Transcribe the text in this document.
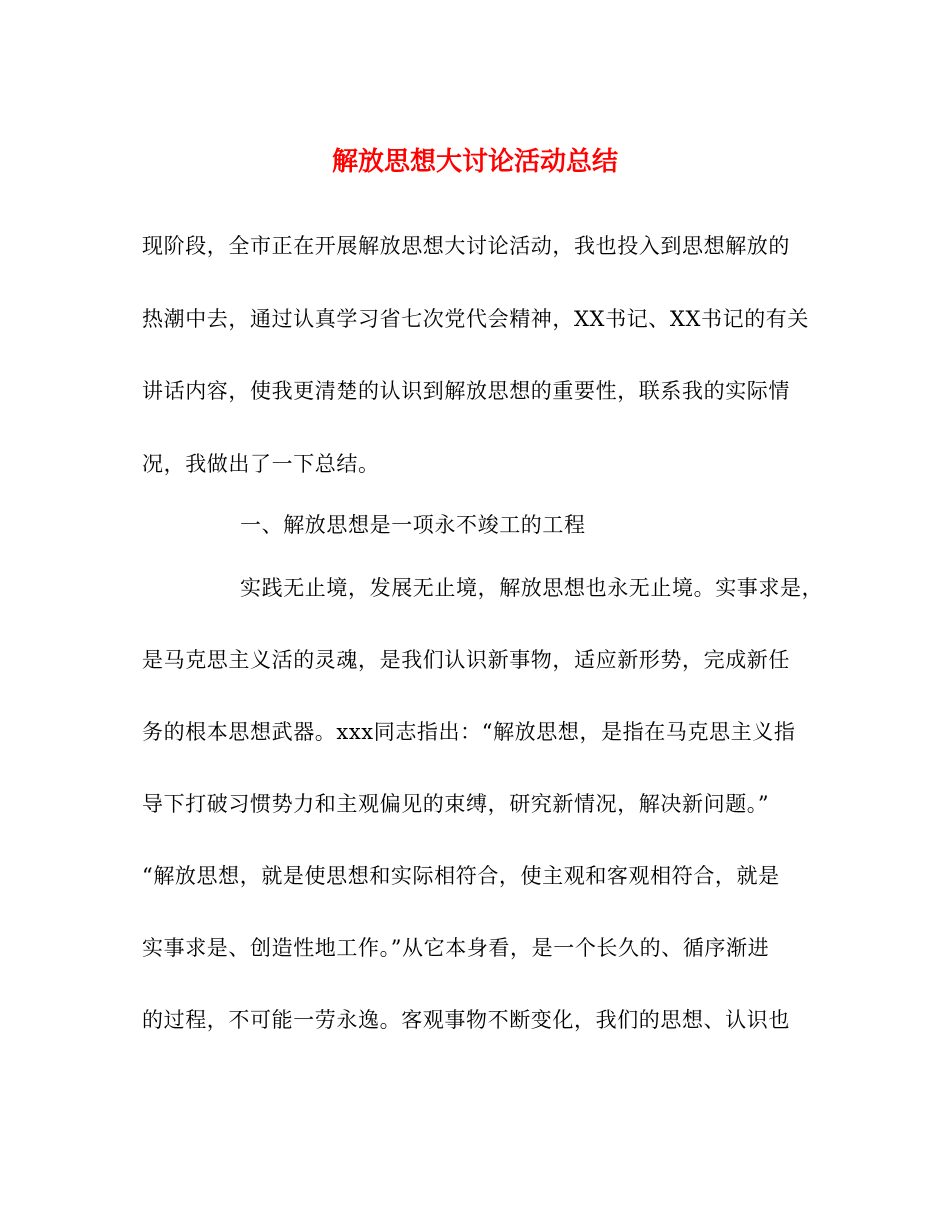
解放思想大讨论活动总结
现阶段，全市正在开展解放思想大讨论活动，我也投入到思想解放的
热潮中去，通过认真学习省七次党代会精神，XX书记、XX书记的有关
讲话内容，使我更清楚的认识到解放思想的重要性，联系我的实际情
况，我做出了一下总结。
一、解放思想是一项永不竣工的工程
实践无止境，发展无止境，解放思想也永无止境。实事求是，
是马克思主义活的灵魂，是我们认识新事物，适应新形势，完成新任
务的根本思想武器。xxx同志指出：“解放思想，是指在马克思主义指
导下打破习惯势力和主观偏见的束缚，研究新情况，解决新问题。”
“解放思想，就是使思想和实际相符合，使主观和客观相符合，就是
实事求是、创造性地工作。”从它本身看，是一个长久的、循序渐进
的过程，不可能一劳永逸。客观事物不断变化，我们的思想、认识也
